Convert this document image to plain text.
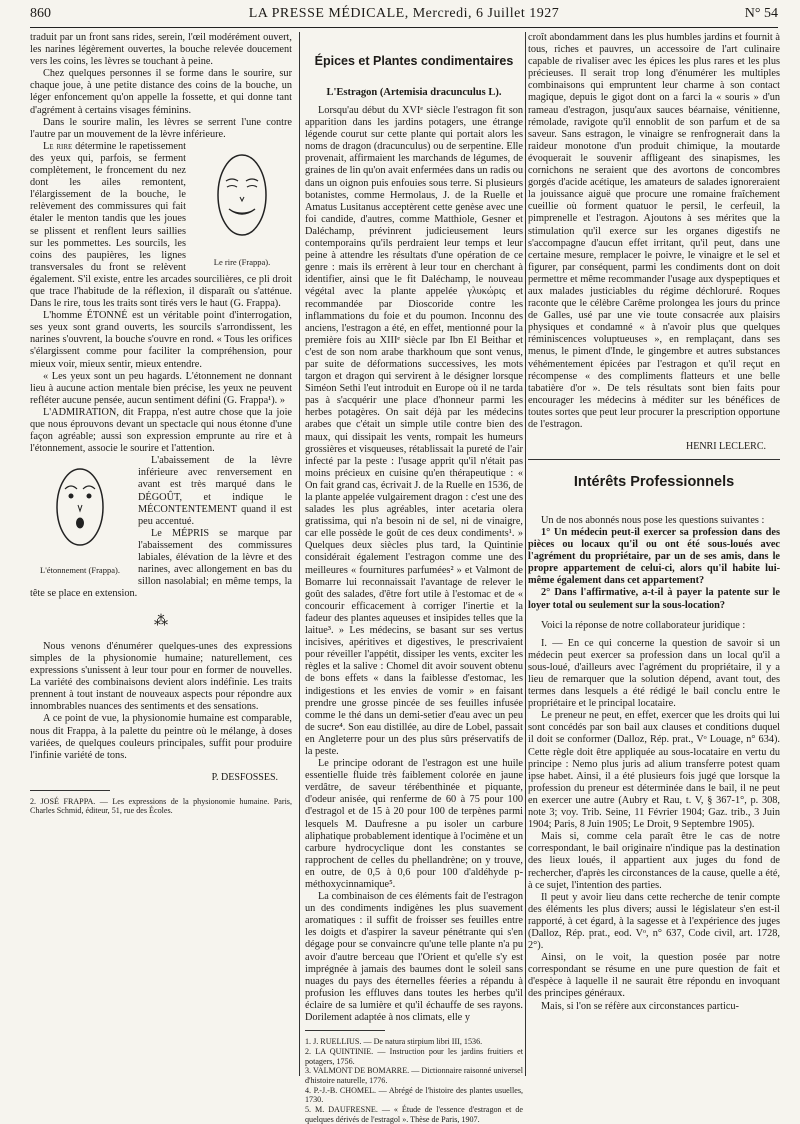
860	LA PRESSE MÉDICALE, Mercredi, 6 Juillet 1927	N° 54

traduit par un front sans rides, serein, l'œil modérément ouvert, les narines légèrement ouvertes, la bouche relevée doucement vers les coins, les lèvres se touchant à peine.

Chez quelques personnes il se forme dans le sourire, sur chaque joue, à une petite distance des coins de la bouche, un léger enfoncement qu'on appelle la fossette, et qui donne tant d'agrément à certains visages féminins.

Dans le sourire malin, les lèvres se serrent l'une contre l'autre par un mouvement de la lèvre inférieure.

Le rire (Frappa).

Le rire détermine le rapetissement des yeux qui, parfois, se ferment complètement, le froncement du nez dont les ailes remontent, l'élargissement de la bouche, le relèvement des commissures qui fait étaler le menton tandis que les joues se plissent et renflent leurs saillies sur les pommettes. Les sourcils, les coins des paupières, les lignes transversales du front se relèvent également. S'il existe, entre les arcades sourcilières, ce pli droit que trace l'habitude de la réflexion, il disparaît ou s'atténue. Dans le rire, tous les traits sont tirés vers le haut (G. Frappa).

L'homme ÉTONNÉ est un véritable point d'interrogation, ses yeux sont grand ouverts, les sourcils s'arrondissent, les narines s'ouvrent, la bouche s'ouvre en rond. « Tous les orifices s'élargissent comme pour faciliter la compréhension, pour mieux voir, mieux sentir, mieux entendre.

« Les yeux sont un peu hagards. L'étonnement ne donnant lieu à aucune action mentale bien précise, les yeux ne peuvent refléter aucune pensée, aucun sentiment défini (G. Frappa¹). »

L'ADMIRATION, dit Frappa, n'est autre chose que la joie que nous éprouvons devant un spectacle qui nous étonne d'une façon agréable; aussi son expression emprunte au rire et à l'étonnement, associe le sourire et l'attention.

L'étonnement (Frappa).

L'abaissement de la lèvre inférieure avec renversement en avant est très marqué dans le DÉGOÛT, et indique le MÉCONTENTEMENT quand il est peu accentué.

Le MÉPRIS se marque par l'abaissement des commissures labiales, élévation de la lèvre et des narines, avec allongement en bas du sillon nasolabial; en même temps, la tête se place en extension.

⁂

Nous venons d'énumérer quelques-unes des expressions simples de la physionomie humaine; naturellement, ces expressions s'unissent à leur tour pour en former de nouvelles. La variété des combinaisons devient alors indéfinie. Les traits prennent à tout instant de nouveaux aspects pour répondre aux innombrables nuances des sentiments et des sensations.

A ce point de vue, la physionomie humaine est comparable, nous dit Frappa, à la palette du peintre où le mélange, à doses variées, de quelques couleurs principales, suffit pour produire l'infinie variété de tons.

P. DESFOSSES.

2. JOSÉ FRAPPA. — Les expressions de la physionomie humaine. Paris, Charles Schmid, éditeur, 51, rue des Écoles.

Épices et Plantes condimentaires
L'Estragon (Artemisia dracunculus L).

Lorsqu'au début du XVIᵉ siècle l'estragon fit son apparition dans les jardins potagers, une étrange légende courut sur cette plante qui portait alors les noms de dragon (dracunculus) ou de serpentine. Elle provenait, affirmaient les marchands de légumes, de graines de lin qu'on avait enfermées dans un radis ou dans un oignon puis enfouies sous terre. Si plusieurs botanistes, comme Hermolaus, J. de la Ruelle et Amatus Lusitanus acceptèrent cette genèse avec une foi candide, d'autres, comme Matthiole, Gesner et Daléchamp, prévinrent judicieusement leurs contemporains qu'ils perdraient leur temps et leur peine à attendre les résultats d'une opération de ce genre : mais ils errèrent à leur tour en cherchant à identifier, ainsi que le fit Daléchamp, le nouveau végétal avec la plante appelée γλυκώρις et recommandée par Dioscoride contre les inflammations du foie et du poumon. Inconnu des anciens, l'estragon a été, en effet, mentionné pour la première fois au XIIIᵉ siècle par Ibn El Beithar et c'est de son nom arabe tharkhoum que sont venus, par suite de déformations successives, les mots targon et dragon qui servirent à le désigner lorsque Siméon Sethi l'eut introduit en Europe où il ne tarda pas à s'acquérir une place d'honneur parmi les herbes potagères. On sait déjà par les médecins arabes que c'était un simple utile contre bien des maux, qui dissipait les vents, rompait les humeurs grossières et visqueuses, rétablissait la pureté de l'air infecté par la peste : l'usage apprit qu'il n'était pas moins précieux en cuisine qu'en thérapeutique : « On fait grand cas, écrivait J. de la Ruelle en 1536, de la plante appelée vulgairement dragon : c'est une des salades les plus agréables, inter acetaria olera gratissima, qui n'a besoin ni de sel, ni de vinaigre, car elle possède le goût de ces deux condiments¹. » Quelques deux siècles plus tard, la Quintinie considérait également l'estragon comme une des meilleures « fournitures parfumées² » et Valmont de Bomarre lui reconnaissait l'avantage de relever le goût des salades, d'être fort utile à l'estomac et de « concourir efficacement à corriger l'inertie et la fadeur des plantes aqueuses et insipides telles que la laitue³. » Les médecins, se basant sur ses vertus incisives, apéritives et digestives, le prescrivaient pour réveiller l'appétit, dissiper les vents, exciter les règles et la salive : Chomel dit avoir souvent obtenu de bons effets « dans la faiblesse d'estomac, les indigestions et les envies de vomir » en faisant prendre une grosse pincée de ses feuilles infusée comme le thé dans un demi-setier d'eau avec un peu de sucre⁴. Son eau distillée, au dire de Lobel, passait en Angleterre pour un des plus sûrs préservatifs de la peste.

Le principe odorant de l'estragon est une huile essentielle fluide très faiblement colorée en jaune verdâtre, de saveur térébenthinée et piquante, d'odeur anisée, qui renferme de 60 à 75 pour 100 d'estragol et de 15 à 20 pour 100 de terpènes parmi lesquels M. Daufresne a pu isoler un carbure aliphatique probablement identique à l'ocimène et un carbure hydrocyclique dont les constantes se rapprochent de celles du phellandrène; on y trouve, en outre, de 0,5 à 0,6 pour 100 d'aldéhyde p-méthoxycinnamique⁵.

La combinaison de ces éléments fait de l'estragon un des condiments indigènes les plus suavement aromatiques : il suffit de froisser ses feuilles entre les doigts et d'aspirer la saveur pénétrante qui s'en dégage pour se convaincre qu'une telle plante n'a pu avoir d'autre berceau que l'Orient et qu'elle s'y est imprégnée à jamais des baumes dont le soleil sans nuages du pays des éternelles féeries a répandu à profusion les effluves dans toutes les herbes qu'il éclaire de sa lumière et qu'il échauffe de ses rayons. Dorilement adaptée à nos climats, elle y

1. J. RUELLIUS. — De natura stirpium libri III, 1536.

2. LA QUINTINIE. — Instruction pour les jardins fruitiers et potagers, 1756.

3. VALMONT DE BOMARRE. — Dictionnaire raisonné universel d'histoire naturelle, 1776.

4. P.-J.-B. CHOMEL. — Abrégé de l'histoire des plantes usuelles, 1730.

5. M. DAUFRESNE. — « Étude de l'essence d'estragon et de quelques dérivés de l'estragol ». Thèse de Paris, 1907.

croît abondamment dans les plus humbles jardins et fournit à tous, riches et pauvres, un accessoire de l'art culinaire capable de rivaliser avec les épices les plus rares et les plus précieuses. Il serait trop long d'énumérer les multiples combinaisons qui empruntent leur charme à son contact magique, depuis le gigot dont on a farci la « souris » d'un rameau d'estragon, jusqu'aux sauces béarnaise, vénitienne, rémolade, ravigote qu'il ennoblit de son parfum et de sa saveur. Sans estragon, le vinaigre se renfrognerait dans la raideur monotone d'un produit chimique, la moutarde évoquerait le souvenir affligeant des sinapismes, les cornichons ne seraient que des avortons de concombres gorgés d'acide acétique, les amateurs de salades ignoreraient la jouissance aiguë que procure une romaine fraîchement cueillie où forment quatuor le persil, le cerfeuil, la pimprenelle et l'estragon. Ajoutons à ses mérites que la stimulation qu'il exerce sur les organes digestifs ne s'accompagne d'aucun effet irritant, qu'il peut, dans une certaine mesure, remplacer le poivre, le vinaigre et le sel et figurer, par conséquent, parmi les condiments dont on doit permettre et même recommander l'usage aux dyspeptiques et aux malades justiciables du régime déchloruré. Roques raconte que le célèbre Carême prolongea les jours du prince de Galles, usé par une vie toute consacrée aux plaisirs physiques et condamné « à n'avoir plus que quelques réminiscences voluptueuses », en remplaçant, dans ses menus, le piment d'Inde, le gingembre et autres substances véhémentement épicées par l'estragon et qu'il reçut en récompense « des compliments flatteurs et une belle tabatière d'or ». De tels résultats sont bien faits pour encourager les médecins à méditer sur les bénéfices de toutes sortes que peut leur procurer la prescription opportune de l'estragon.

HENRI LECLERC.
Intérêts Professionnels

Un de nos abonnés nous pose les questions suivantes :

1° Un médecin peut-il exercer sa profession dans des pièces ou locaux qu'il ou ont été sous-loués avec l'agrément du propriétaire, par un de ses amis, dans le propre appartement de celui-ci, alors qu'il habite lui-même également dans cet appartement?

2° Dans l'affirmative, a-t-il à payer la patente sur le loyer total ou seulement sur la sous-location?

Voici la réponse de notre collaborateur juridique :

I. — En ce qui concerne la question de savoir si un médecin peut exercer sa profession dans un local qu'il a sous-loué, d'ailleurs avec l'agrément du propriétaire, il y a lieu de remarquer que la solution dépend, avant tout, des termes dans lesquels a été rédigé le bail conclu entre le propriétaire et le principal locataire.

Le preneur ne peut, en effet, exercer que les droits qui lui sont concédés par son bail aux clauses et conditions duquel il doit se conformer (Dalloz, Rép. prat., Vᵒ Louage, n° 634). Cette règle doit être appliquée au sous-locataire en vertu du principe : Nemo plus juris ad alium transferre potest quam ipse habet. Ainsi, il a été plusieurs fois jugé que lorsque la profession du preneur est déterminée dans le bail, il ne peut en exercer une autre (Aubry et Rau, t. V, § 367-1°, p. 308, note 3; voy. Trib. Seine, 11 Février 1904; Gaz. trib., 3 Juin 1904; Paris, 8 Juin 1905; Le Droit, 9 Septembre 1905).

Mais si, comme cela paraît être le cas de notre correspondant, le bail originaire n'indique pas la destination des lieux loués, il appartient aux juges du fond de rechercher, d'après les circonstances de la cause, quelle a été, à ce sujet, l'intention des parties.

Il peut y avoir lieu dans cette recherche de tenir compte des éléments les plus divers; aussi le législateur s'en est-il rapporté, à cet égard, à la sagesse et à l'expérience des juges (Dalloz, Rép. prat., eod. Vᵒ, n° 637, Code civil, art. 1728, 2°).

Ainsi, on le voit, la question posée par notre correspondant se résume en une pure question de fait et d'espèce à laquelle il ne saurait être répondu en invoquant des principes généraux.

Mais, si l'on se réfère aux circonstances particu-
